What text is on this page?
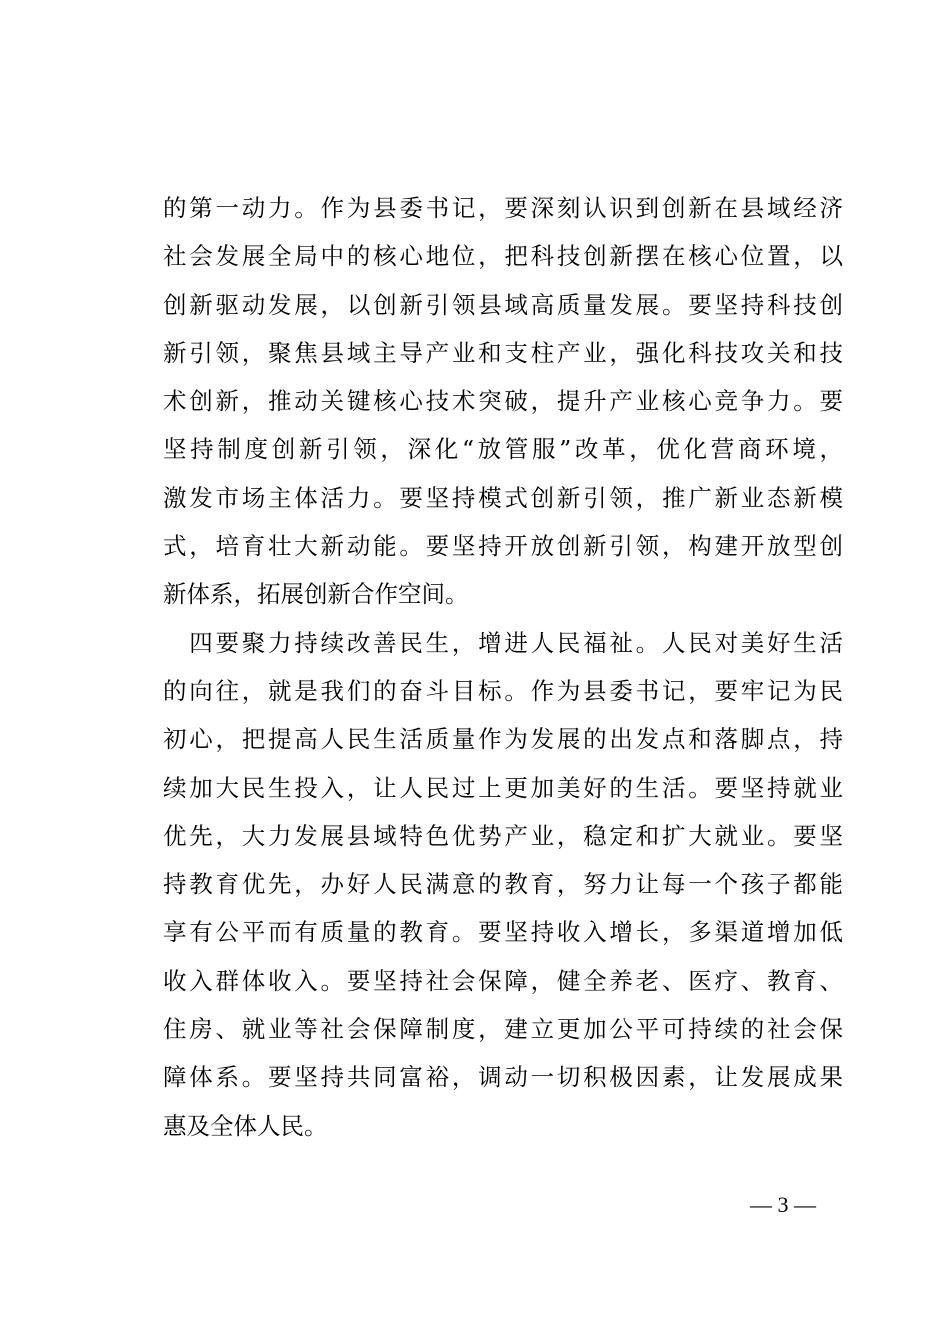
的第一动力。作为县委书记，要深刻认识到创新在县域经济
社会发展全局中的核心地位，把科技创新摆在核心位置，以
创新驱动发展，以创新引领县域高质量发展。要坚持科技创
新引领，聚焦县域主导产业和支柱产业，强化科技攻关和技
术创新，推动关键核心技术突破，提升产业核心竞争力。要
坚持制度创新引领，深化“放管服”改革，优化营商环境，
激发市场主体活力。要坚持模式创新引领，推广新业态新模
式，培育壮大新动能。要坚持开放创新引领，构建开放型创
新体系，拓展创新合作空间。
　四要聚力持续改善民生，增进人民福祉。人民对美好生活
的向往，就是我们的奋斗目标。作为县委书记，要牢记为民
初心，把提高人民生活质量作为发展的出发点和落脚点，持
续加大民生投入，让人民过上更加美好的生活。要坚持就业
优先，大力发展县域特色优势产业，稳定和扩大就业。要坚
持教育优先，办好人民满意的教育，努力让每一个孩子都能
享有公平而有质量的教育。要坚持收入增长，多渠道增加低
收入群体收入。要坚持社会保障，健全养老、医疗、教育、
住房、就业等社会保障制度，建立更加公平可持续的社会保
障体系。要坚持共同富裕，调动一切积极因素，让发展成果
惠及全体人民。
— 3 —
